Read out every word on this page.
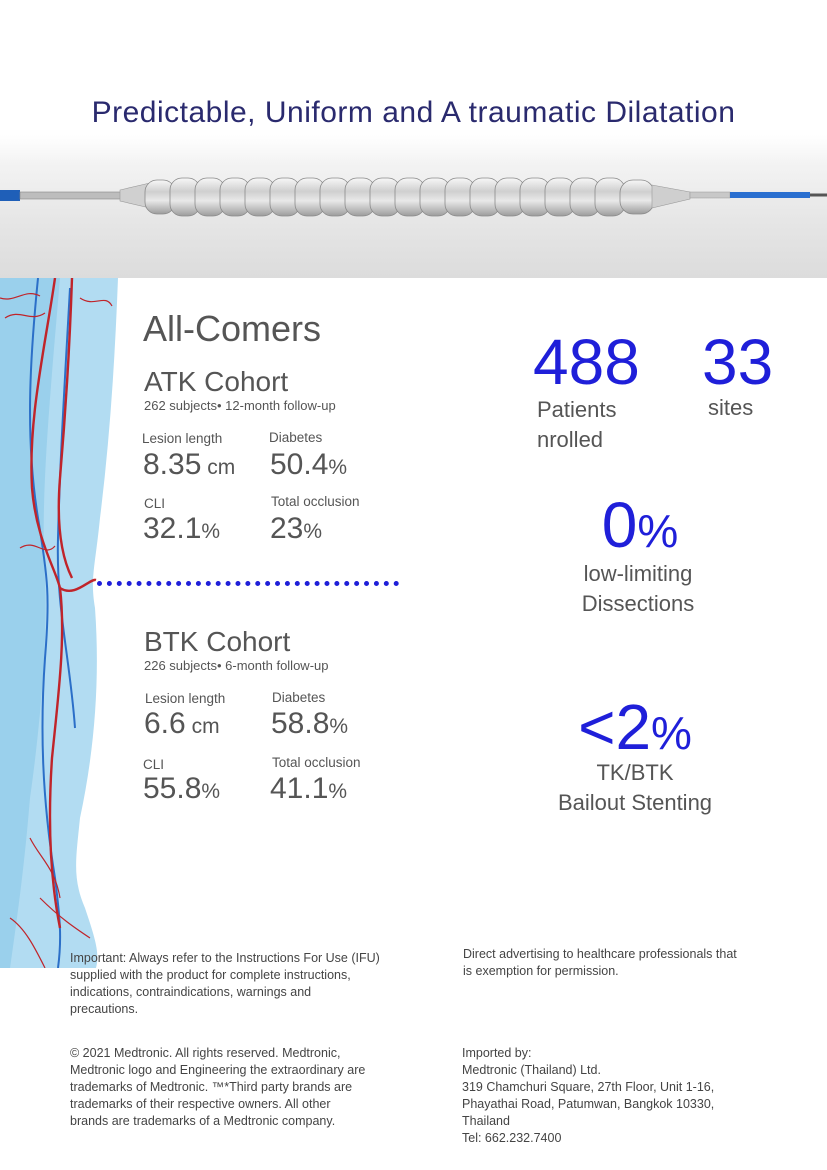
Predictable, Uniform and A traumatic Dilatation
All-Comers
ATK Cohort
262 subjects• 12-month follow-up
Lesion length
8.35 cm
Diabetes
50.4%
CLI
32.1%
Total occlusion
23%
BTK Cohort
226 subjects• 6-month follow-up
Lesion length
6.6 cm
Diabetes
58.8%
CLI
55.8%
Total occlusion
41.1%
488
Patients
nrolled
33
sites
0%
low-limiting
Dissections
<2%
TK/BTK
Bailout Stenting
Important: Always refer to the Instructions For Use (IFU)
supplied with the product for complete instructions,
indications, contraindications, warnings and
precautions.
Direct advertising to healthcare professionals that
is exemption for permission.
© 2021 Medtronic. All rights reserved. Medtronic,
Medtronic logo and Engineering the extraordinary are
trademarks of Medtronic. ™*Third party brands are
trademarks of their respective owners. All other
brands are trademarks of a Medtronic company.
Imported by:
Medtronic (Thailand) Ltd.
319 Chamchuri Square, 27th Floor, Unit 1-16,
Phayathai Road, Patumwan, Bangkok 10330,
Thailand
Tel: 662.232.7400
